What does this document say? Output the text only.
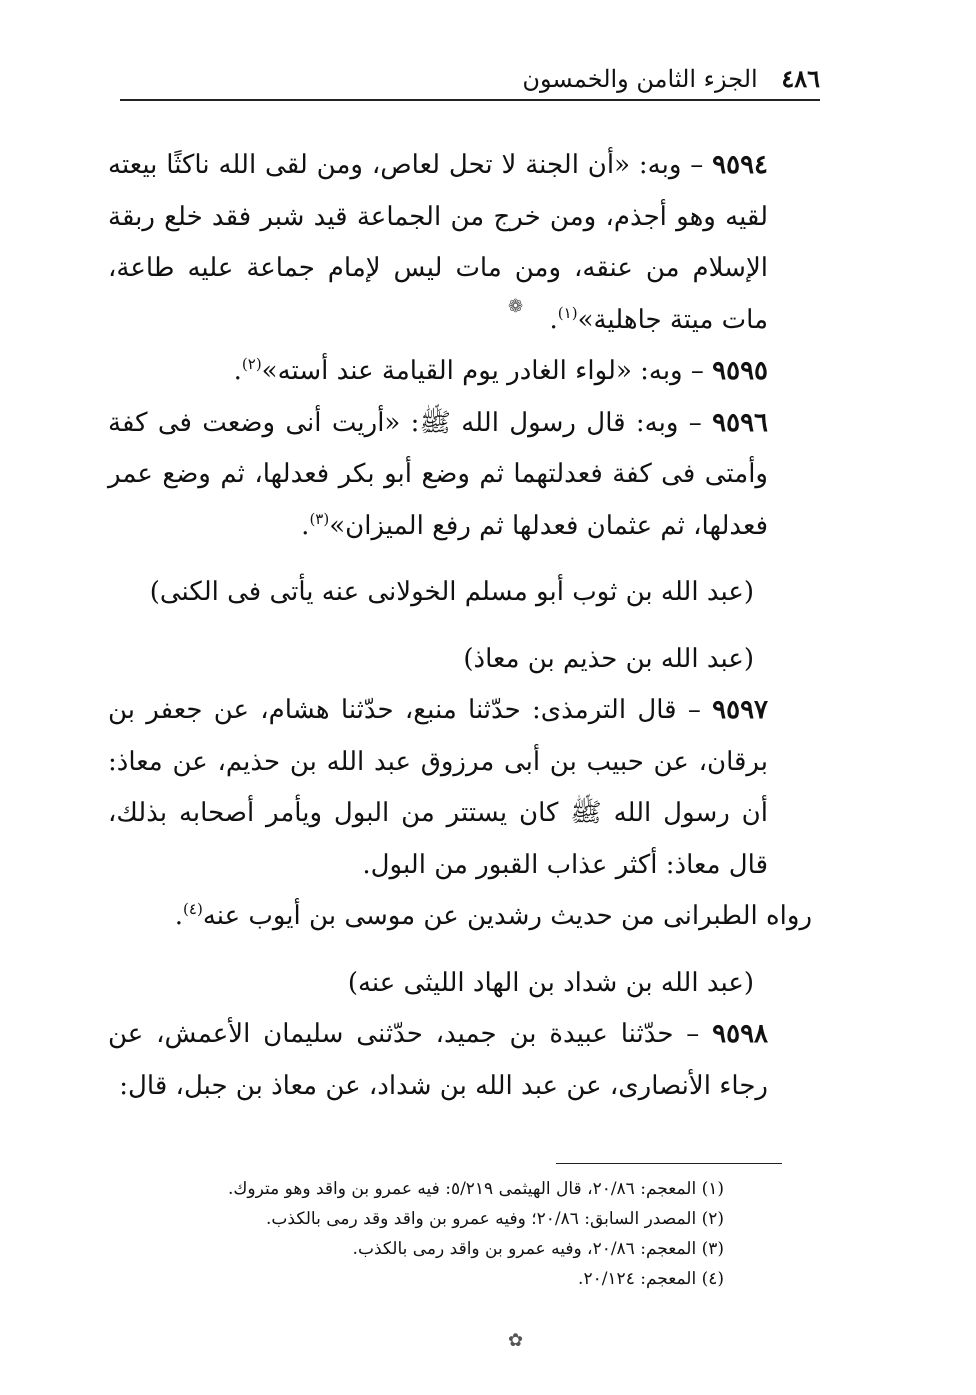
٤٨٦ الجزء الثامن والخمسون

٩٥٩٤ – وبه: «أن الجنة لا تحل لعاص، ومن لقى الله ناكثًا بيعته لقيه وهو أجذم، ومن خرج من الجماعة قيد شبر فقد خلع ربقة الإسلام من عنقه، ومن مات ليس لإمام جماعة عليه طاعة، مات ميتة جاهلية»$^{(١)}$.

٩٥٩٥ – وبه: «لواء الغادر يوم القيامة عند أسته»$^{(٢)}$.

٩٥٩٦ – وبه: قال رسول الله ﷺ: «أريت أنى وضعت فى كفة وأمتى فى كفة فعدلتهما ثم وضع أبو بكر فعدلها، ثم وضع عمر فعدلها، ثم عثمان فعدلها ثم رفع الميزان»$^{(٣)}$.

(عبد الله بن ثوب أبو مسلم الخولانى عنه يأتى فى الكنى)

(عبد الله بن حذيم بن معاذ)

٩٥٩٧ – قال الترمذى: حدّثنا منبع، حدّثنا هشام، عن جعفر بن برقان، عن حبيب بن أبى مرزوق عبد الله بن حذيم، عن معاذ: أن رسول الله ﷺ كان يستتر من البول ويأمر أصحابه بذلك، قال معاذ: أكثر عذاب القبور من البول.

رواه الطبرانى من حديث رشدين عن موسى بن أيوب عنه$^{(٤)}$.

(عبد الله بن شداد بن الهاد الليثى عنه)

٩٥٩٨ – حدّثنا عبيدة بن جميد، حدّثنى سليمان الأعمش، عن رجاء الأنصارى، عن عبد الله بن شداد، عن معاذ بن جبل، قال:

(١) المعجم: ٢٠/٨٦، قال الهيثمى ٥/٢١٩: فيه عمرو بن واقد وهو متروك.

(٢) المصدر السابق: ٢٠/٨٦؛ وفيه عمرو بن واقد وقد رمى بالكذب.

(٣) المعجم: ٢٠/٨٦، وفيه عمرو بن واقد رمى بالكذب.

(٤) المعجم: ٢٠/١٢٤.

❁
✿
